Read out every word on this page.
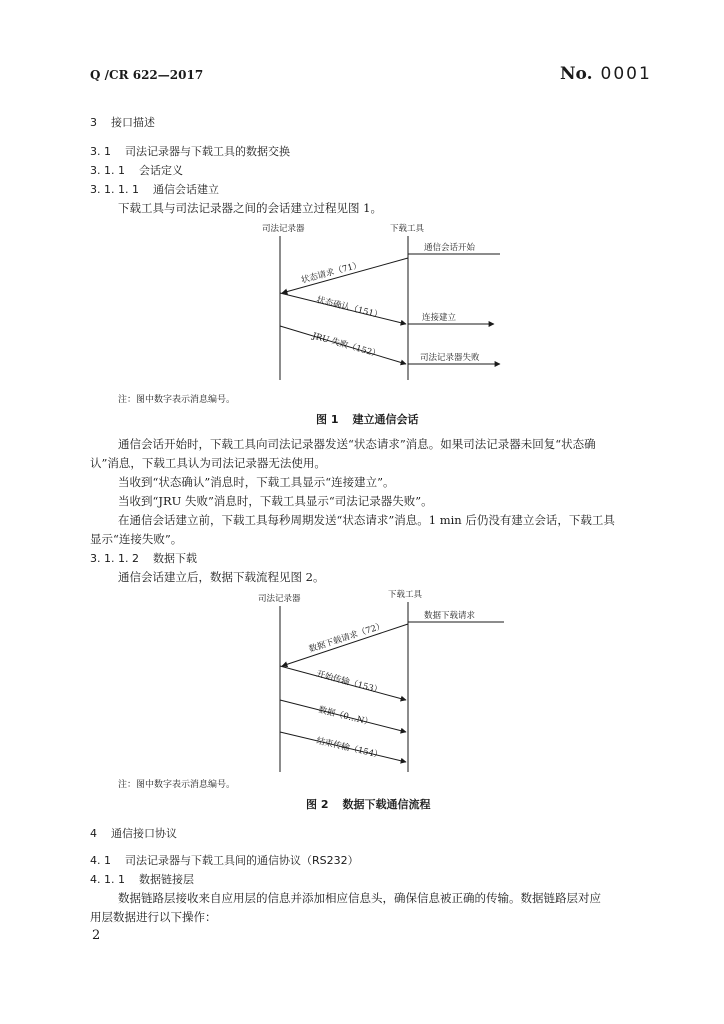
Q /CR 622—2017	No. 0001
3 接口描述
3. 1 司法记录器与下载工具的数据交换
3. 1. 1 会话定义
3. 1. 1. 1 通信会话建立
下载工具与司法记录器之间的会话建立过程见图 1。
司法记录器	下载工具
通信会话开始
状态请求（71）
状态确认（151）	连接建立
JRU 失败（152）	司法记录器失败
注：图中数字表示消息编号。
图 1 建立通信会话
通信会话开始时，下载工具向司法记录器发送“状态请求”消息。如果司法记录器未回复“状态确
认”消息，下载工具认为司法记录器无法使用。
当收到“状态确认”消息时，下载工具显示“连接建立”。
当收到“JRU 失败”消息时，下载工具显示“司法记录器失败”。
在通信会话建立前，下载工具每秒周期发送“状态请求”消息。1 min 后仍没有建立会话，下载工具
显示“连接失败”。
3. 1. 1. 2 数据下载
通信会话建立后，数据下载流程见图 2。
司法记录器	下载工具
数据下载请求
数据下载请求（72）
开始传输（153）
数据（0…N）
结束传输（154）
注：图中数字表示消息编号。
图 2 数据下载通信流程
4 通信接口协议
4. 1 司法记录器与下载工具间的通信协议（RS232）
4. 1. 1 数据链接层
数据链路层接收来自应用层的信息并添加相应信息头，确保信息被正确的传输。数据链路层对应
用层数据进行以下操作：
2
